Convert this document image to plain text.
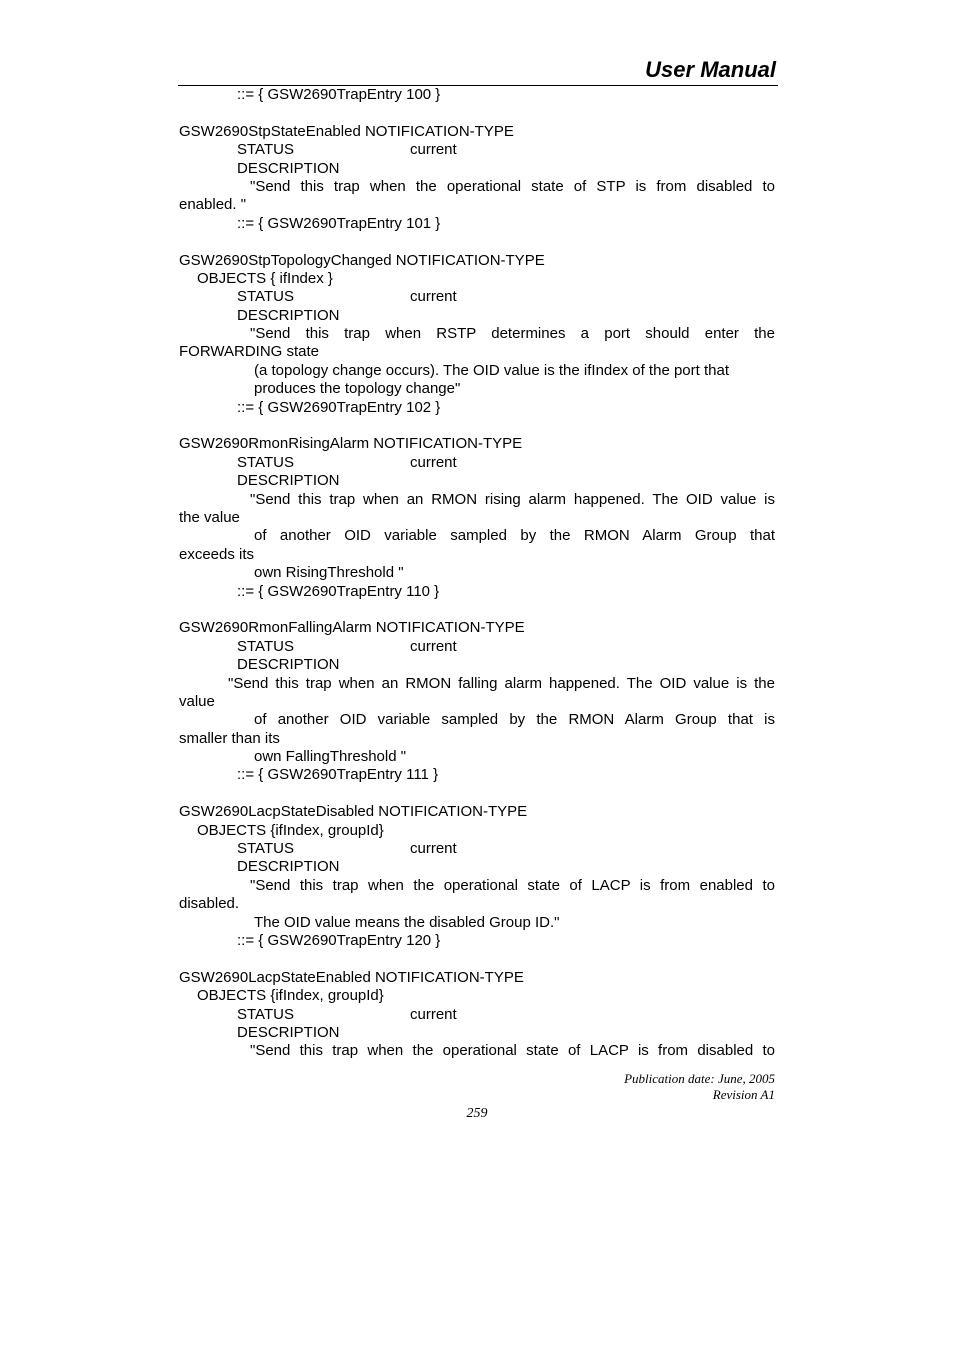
User Manual
::= { GSW2690TrapEntry 100 }
GSW2690StpStateEnabled NOTIFICATION-TYPE
STATUS	current
DESCRIPTION
"Send this trap when the operational state of STP is from disabled to
enabled. "
::= { GSW2690TrapEntry 101 }
GSW2690StpTopologyChanged NOTIFICATION-TYPE
OBJECTS { ifIndex }
STATUS	current
DESCRIPTION
"Send this trap when RSTP determines a port should enter the
FORWARDING state
(a topology change occurs). The OID value is the ifIndex of the port that
produces the topology change"
::= { GSW2690TrapEntry 102 }
GSW2690RmonRisingAlarm NOTIFICATION-TYPE
STATUS	current
DESCRIPTION
"Send this trap when an RMON rising alarm happened. The OID value is
the value
of another OID variable sampled by the RMON Alarm Group that
exceeds its
own RisingThreshold "
::= { GSW2690TrapEntry 110 }
GSW2690RmonFallingAlarm NOTIFICATION-TYPE
STATUS	current
DESCRIPTION
"Send this trap when an RMON falling alarm happened. The OID value is the
value
of another OID variable sampled by the RMON Alarm Group that is
smaller than its
own FallingThreshold "
::= { GSW2690TrapEntry 111 }
GSW2690LacpStateDisabled NOTIFICATION-TYPE
OBJECTS {ifIndex, groupId}
STATUS	current
DESCRIPTION
"Send this trap when the operational state of LACP is from enabled to
disabled.
The OID value means the disabled Group ID."
::= { GSW2690TrapEntry 120 }
GSW2690LacpStateEnabled NOTIFICATION-TYPE
OBJECTS {ifIndex, groupId}
STATUS	current
DESCRIPTION
"Send this trap when the operational state of LACP is from disabled to
Publication date: June, 2005
Revision A1
259
